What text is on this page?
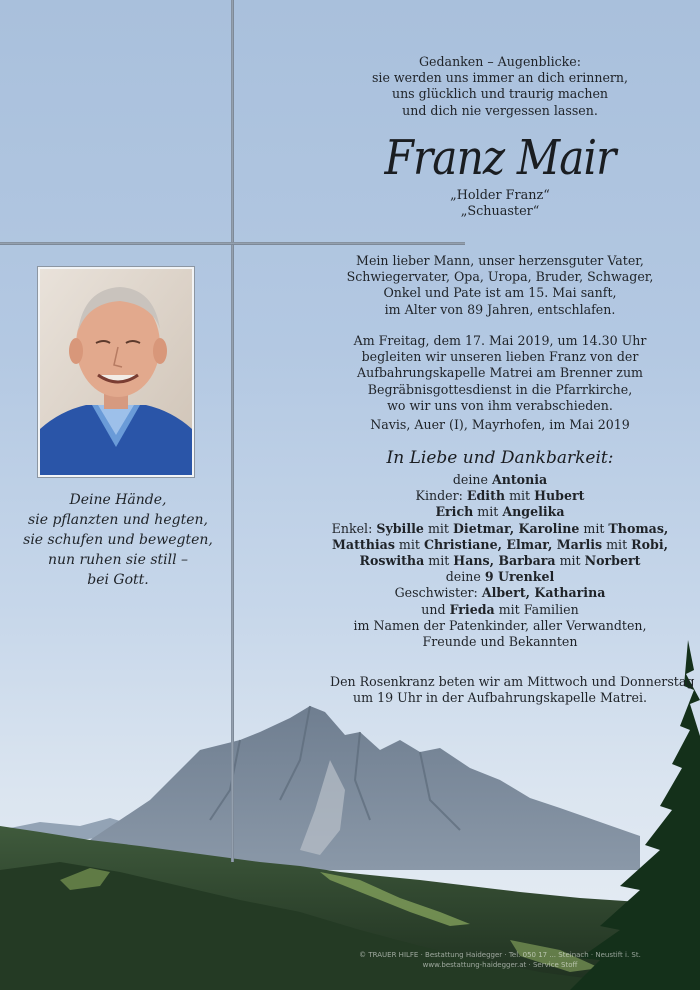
Deine Hände,
sie pflanzten und hegten,
sie schufen und bewegten,
nun ruhen sie still –
bei Gott.
Gedanken – Augenblicke:
sie werden uns immer an dich erinnern,
uns glücklich und traurig machen
und dich nie vergessen lassen.
Franz Mair
„Holder Franz“
„Schuaster“
Mein lieber Mann, unser herzensguter Vater,
Schwiegervater, Opa, Uropa, Bruder, Schwager,
Onkel und Pate ist am 15. Mai sanft,
im Alter von 89 Jahren, entschlafen.
Am Freitag, dem 17. Mai 2019, um 14.30 Uhr
begleiten wir unseren lieben Franz von der
Aufbahrungskapelle Matrei am Brenner zum
Begräbnisgottesdienst in die Pfarrkirche,
wo wir uns von ihm verabschieden.
Navis, Auer (I), Mayrhofen, im Mai 2019
In Liebe und Dankbarkeit:
deine Antonia
Kinder: Edith mit Hubert
Erich mit Angelika
Enkel: Sybille mit Dietmar, Karoline mit Thomas,
Matthias mit Christiane, Elmar, Marlis mit Robi,
Roswitha mit Hans, Barbara mit Norbert
deine 9 Urenkel
Geschwister: Albert, Katharina
und Frieda mit Familien
im Namen der Patenkinder, aller Verwandten,
Freunde und Bekannten
Den Rosenkranz beten wir am Mittwoch und Donnerstag
um 19 Uhr in der Aufbahrungskapelle Matrei.
© TRAUER HILFE · Bestattung Haidegger · Tel. 050 17 ... Steinach · Neustift i. St.
www.bestattung-haidegger.at · Service Stoff
